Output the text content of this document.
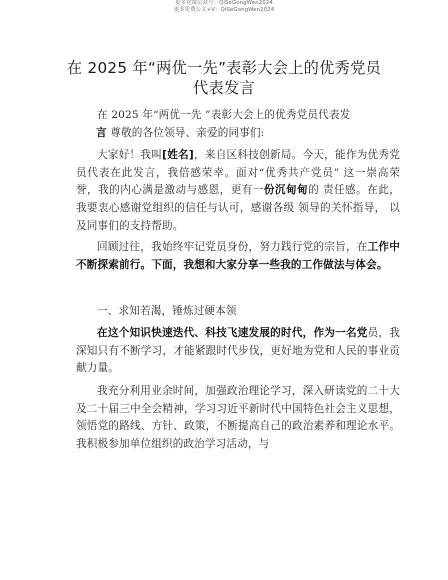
更多党课公众号：QiSeGongWen2024
更多免费公文+V：QiSeGongWen2024
在 2025 年“两优一先”表彰大会上的优秀党员
代表发言

在 2025 年“两优一先 ”表彰大会上的优秀党员代表发

言 尊敬的各位领导、亲爱的同事们:

大家好！我叫[姓名]，来自区科技创新局。今天，能作为优秀党员代表在此发言，我倍感荣幸。面对“优秀共产党员” 这一崇高荣誉，我的内心满是激动与感恩，更有一份沉甸甸的 责任感。在此，我要衷心感谢党组织的信任与认可，感谢各级 领导的关怀指导， 以及同事们的支持帮助。

回顾过往，我始终牢记党员身份，努力践行党的宗旨，在工作中不断探索前行。下面，我想和大家分享一些我的工作做法与体会。

一、求知若渴，锤炼过硬本领

在这个知识快速迭代、科技飞速发展的时代，作为一名党员，我深知只有不断学习，才能紧跟时代步伐，更好地为党和人民的事业贡献力量。

我充分利用业余时间，加强政治理论学习，深入研读党的二十大及二十届三中全会精神，学习习近平新时代中国特色社会主义思想，领悟党的路线、方针、政策，不断提高自己的政治素养和理论水平。我积极参加单位组织的政治学习活动，与
